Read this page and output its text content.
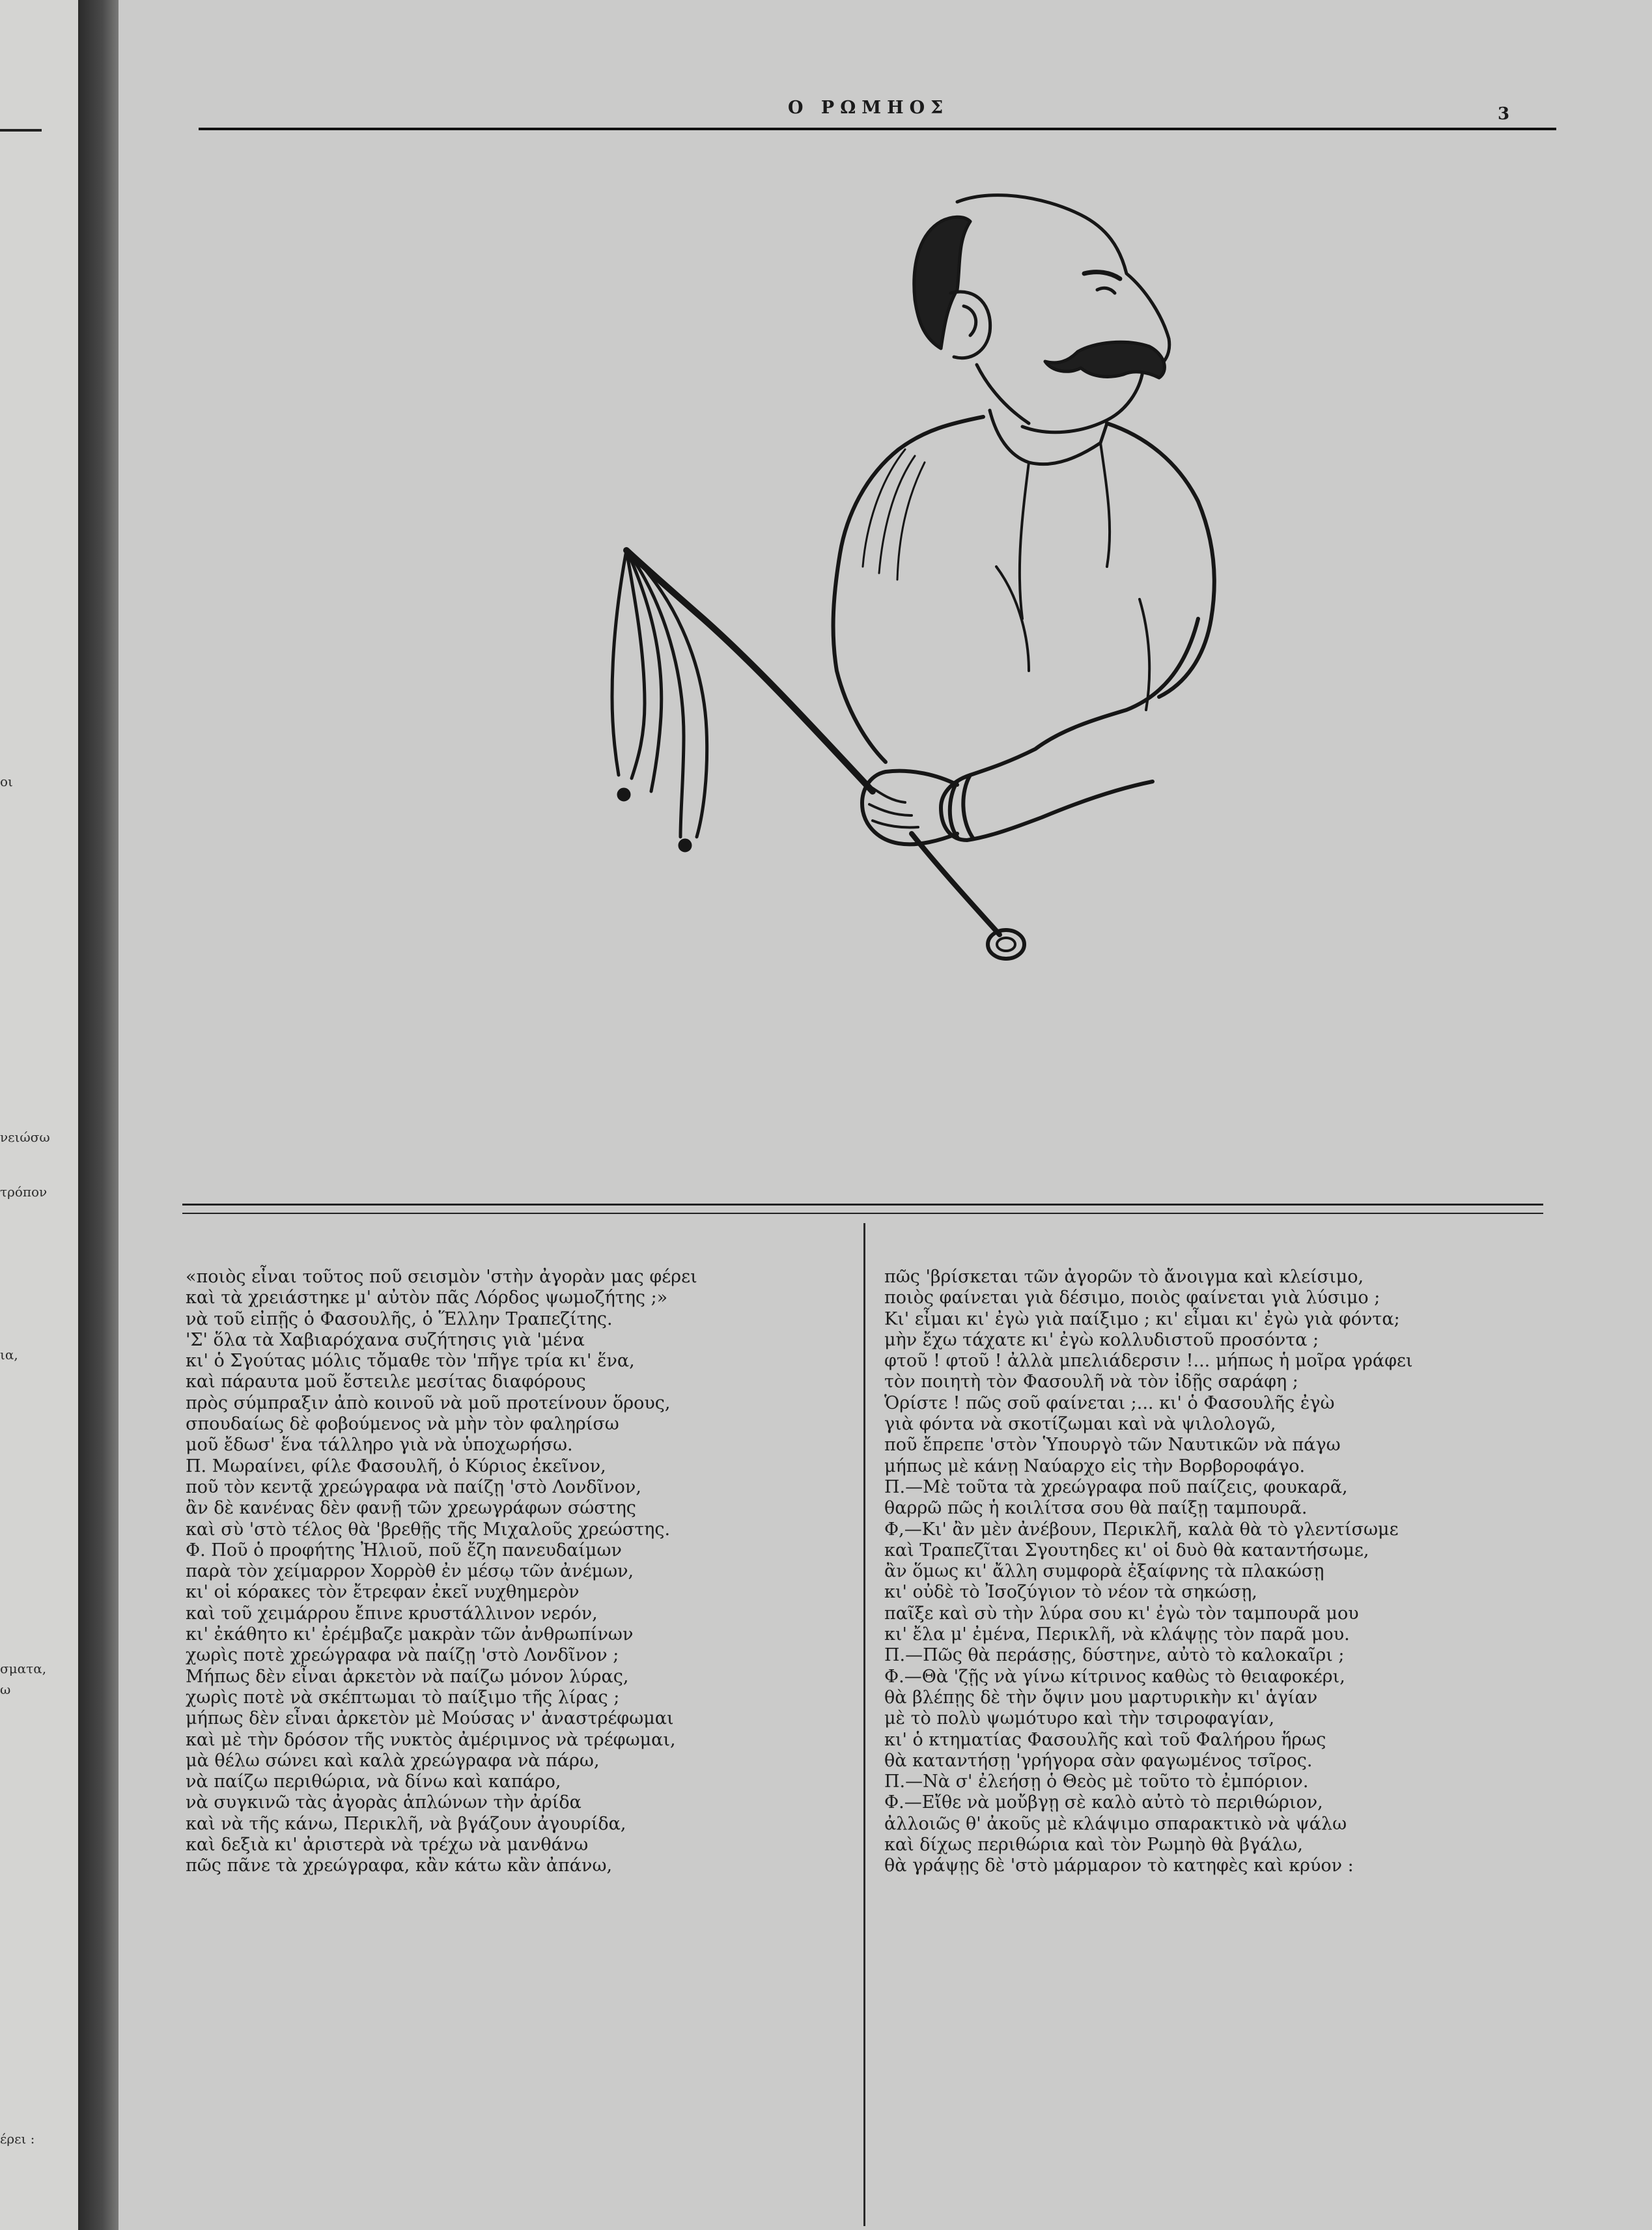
οι
νειώσω
τρόπον
ια,
σματα,
ω
έρει :
Ο ΡΩΜΗΟΣ	3
«ποιὸς εἶναι τοῦτος ποῦ σεισμὸν 'στὴν ἀγορὰν μας φέρει
καὶ τὰ χρειάστηκε μ' αὐτὸν πᾶς Λόρδος ψωμοζήτης ;»
νὰ τοῦ εἰπῇς ὁ Φασουλῆς, ὁ Ἕλλην Τραπεζίτης.
'Σ' ὅλα τὰ Χαβιαρόχανα συζήτησις γιὰ 'μένα
κι' ὁ Σγούτας μόλις τὄμαθε τὸν 'πῆγε τρία κι' ἕνα,
καὶ πάραυτα μοῦ ἔστειλε μεσίτας διαφόρους
πρὸς σύμπραξιν ἀπὸ κοινοῦ νὰ μοῦ προτείνουν ὅρους,
σπουδαίως δὲ φοβούμενος νὰ μὴν τὸν φαληρίσω
μοῦ ἔδωσ' ἕνα τάλληρο γιὰ νὰ ὑποχωρήσω.
Π. Μωραίνει, φίλε Φασουλῆ, ὁ Κύριος ἐκεῖνον,
ποῦ τὸν κεντᾷ χρεώγραφα νὰ παίζῃ 'στὸ Λονδῖνον,
ἂν δὲ κανένας δὲν φανῇ τῶν χρεωγράφων σώστης
καὶ σὺ 'στὸ τέλος θὰ 'βρεθῇς τῆς Μιχαλοῦς χρεώστης.
Φ. Ποῦ ὁ προφήτης Ἠλιοῦ, ποῦ ἔζη πανευδαίμων
παρὰ τὸν χείμαρρον Χορρὸθ ἐν μέσῳ τῶν ἀνέμων,
κι' οἱ κόρακες τὸν ἔτρεφαν ἐκεῖ νυχθημερὸν
καὶ τοῦ χειμάρρου ἔπινε κρυστάλλινον νερόν,
κι' ἐκάθητο κι' ἐρέμβαζε μακρὰν τῶν ἀνθρωπίνων
χωρὶς ποτὲ χρεώγραφα νὰ παίζῃ 'στὸ Λονδῖνον ;
Μήπως δὲν εἶναι ἀρκετὸν νὰ παίζω μόνον λύρας,
χωρὶς ποτὲ νὰ σκέπτωμαι τὸ παίξιμο τῆς λίρας ;
μήπως δὲν εἶναι ἀρκετὸν μὲ Μούσας ν' ἀναστρέφωμαι
καὶ μὲ τὴν δρόσον τῆς νυκτὸς ἀμέριμνος νὰ τρέφωμαι,
μὰ θέλω σώνει καὶ καλὰ χρεώγραφα νὰ πάρω,
νὰ παίζω περιθώρια, νὰ δίνω καὶ καπάρο,
νὰ συγκινῶ τὰς ἀγορὰς ἁπλώνων τὴν ἀρίδα
καὶ νὰ τῆς κάνω, Περικλῆ, νὰ βγάζουν ἀγουρίδα,
καὶ δεξιὰ κι' ἀριστερὰ νὰ τρέχω νὰ μανθάνω
πῶς πᾶνε τὰ χρεώγραφα, κἂν κάτω κἂν ἀπάνω,
πῶς 'βρίσκεται τῶν ἀγορῶν τὸ ἄνοιγμα καὶ κλείσιμο,
ποιὸς φαίνεται γιὰ δέσιμο, ποιὸς φαίνεται γιὰ λύσιμο ;
Κι' εἶμαι κι' ἐγὼ γιὰ παίξιμο ; κι' εἶμαι κι' ἐγὼ γιὰ φόντα;
μὴν ἔχω τάχατε κι' ἐγὼ κολλυδιστοῦ προσόντα ;
φτοῦ ! φτοῦ ! ἀλλὰ μπελιάδερσιν !... μήπως ἡ μοῖρα γράφει
τὸν ποιητὴ τὸν Φασουλῆ νὰ τὸν ἰδῇς σαράφη ;
Ὁρίστε ! πῶς σοῦ φαίνεται ;... κι' ὁ Φασουλῆς ἐγὼ
γιὰ φόντα νὰ σκοτίζωμαι καὶ νὰ ψιλολογῶ,
ποῦ ἔπρεπε 'στὸν Ὑπουργὸ τῶν Ναυτικῶν νὰ πάγω
μήπως μὲ κάνῃ Ναύαρχο εἰς τὴν Βορβοροφάγο.
Π.—Μὲ τοῦτα τὰ χρεώγραφα ποῦ παίζεις, φουκαρᾶ,
θαρρῶ πῶς ἡ κοιλίτσα σου θὰ παίξῃ ταμπουρᾶ.
Φ,—Κι' ἂν μὲν ἀνέβουν, Περικλῆ, καλὰ θὰ τὸ γλεντίσωμε
καὶ Τραπεζῖται Σγουτηδες κι' οἱ δυὸ θὰ καταντήσωμε,
ἂν ὅμως κι' ἄλλη συμφορὰ ἐξαίφνης τὰ πλακώσῃ
κι' οὐδὲ τὸ Ἰσοζύγιον τὸ νέον τὰ σηκώσῃ,
παῖξε καὶ σὺ τὴν λύρα σου κι' ἐγὼ τὸν ταμπουρᾶ μου
κι' ἔλα μ' ἐμένα, Περικλῆ, νὰ κλάψῃς τὸν παρᾶ μου.
Π.—Πῶς θὰ περάσῃς, δύστηνε, αὐτὸ τὸ καλοκαῖρι ;
Φ.—Θὰ 'ζῇς νὰ γίνω κίτρινος καθὼς τὸ θειαφοκέρι,
θὰ βλέπῃς δὲ τὴν ὄψιν μου μαρτυρικὴν κι' ἁγίαν
μὲ τὸ πολὺ ψωμότυρο καὶ τὴν τσιροφαγίαν,
κι' ὁ κτηματίας Φασουλῆς καὶ τοῦ Φαλήρου ἥρως
θὰ καταντήσῃ 'γρήγορα σὰν φαγωμένος τσῖρος.
Π.—Νὰ σ' ἐλεήσῃ ὁ Θεὸς μὲ τοῦτο τὸ ἐμπόριον.
Φ.—Εἴθε νὰ μοὔβγῃ σὲ καλὸ αὐτὸ τὸ περιθώριον,
ἀλλοιῶς θ' ἀκοῦς μὲ κλάψιμο σπαρακτικὸ νὰ ψάλω
καὶ δίχως περιθώρια καὶ τὸν Ρωμηὸ θὰ βγάλω,
θὰ γράψῃς δὲ 'στὸ μάρμαρον τὸ κατηφὲς καὶ κρύον :
